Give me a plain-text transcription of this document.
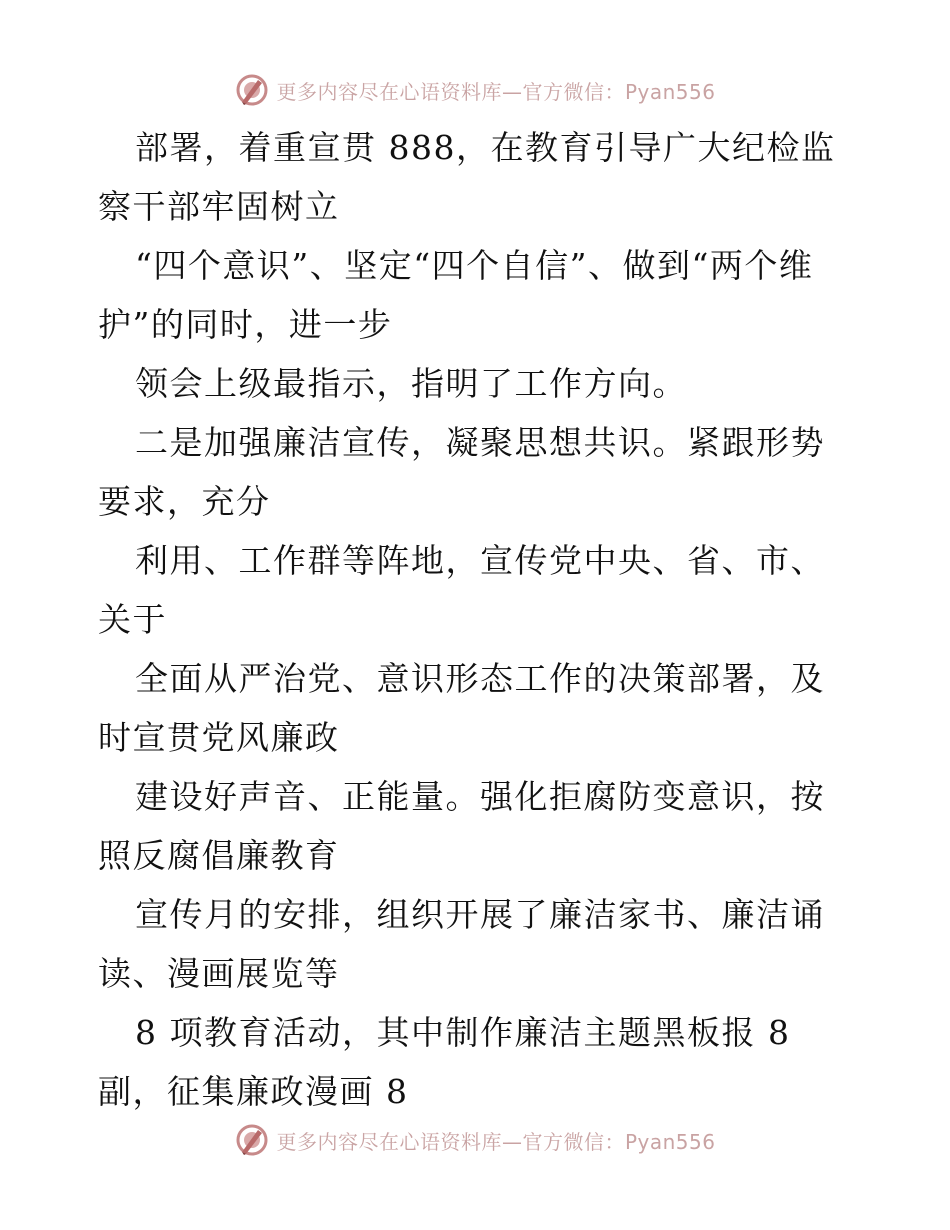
更多内容尽在心语资料库—官方微信：Pyan556

部署，着重宣贯 888，在教育引导广大纪检监察干部牢固树立

“四个意识”、坚定“四个自信”、做到“两个维护”的同时，进一步

领会上级最指示，指明了工作方向。

二是加强廉洁宣传，凝聚思想共识。紧跟形势要求，充分

利用、工作群等阵地，宣传党中央、省、市、关于

全面从严治党、意识形态工作的决策部署，及时宣贯党风廉政

建设好声音、正能量。强化拒腐防变意识，按照反腐倡廉教育

宣传月的安排，组织开展了廉洁家书、廉洁诵读、漫画展览等

8 项教育活动，其中制作廉洁主题黑板报 8 副，征集廉政漫画 8

更多内容尽在心语资料库—官方微信：Pyan556
